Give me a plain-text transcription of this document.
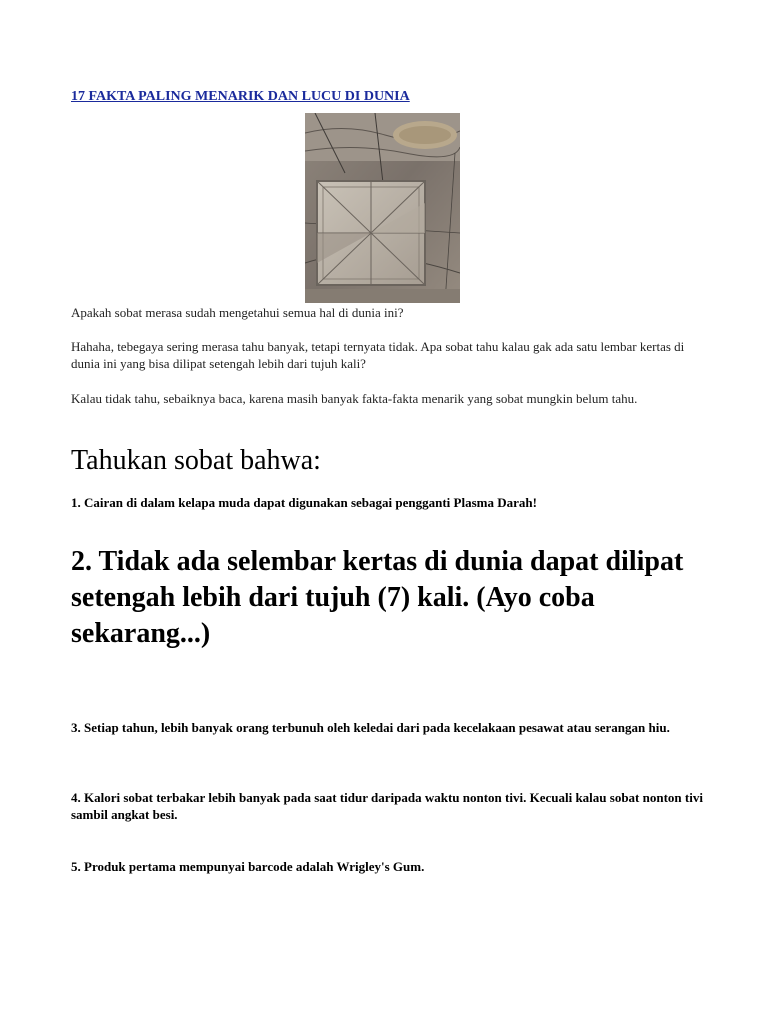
17 FAKTA PALING MENARIK DAN LUCU DI DUNIA

Apakah sobat merasa sudah mengetahui semua hal di dunia ini?

Hahaha, tebegaya sering merasa tahu banyak, tetapi ternyata tidak. Apa sobat tahu kalau gak ada satu lembar kertas di dunia ini yang bisa dilipat setengah lebih dari tujuh kali?

Kalau tidak tahu, sebaiknya baca, karena masih banyak fakta-fakta menarik yang sobat mungkin belum tahu.

Tahukan sobat bahwa:

1. Cairan di dalam kelapa muda dapat digunakan sebagai pengganti Plasma Darah!

2. Tidak ada selembar kertas di dunia dapat dilipat setengah lebih dari tujuh (7) kali. (Ayo coba sekarang...)

3. Setiap tahun, lebih banyak orang terbunuh oleh keledai dari pada kecelakaan pesawat atau serangan hiu.

4. Kalori sobat terbakar lebih banyak pada saat tidur daripada waktu nonton tivi. Kecuali kalau sobat nonton tivi sambil angkat besi.

5. Produk pertama mempunyai barcode adalah Wrigley's Gum.
